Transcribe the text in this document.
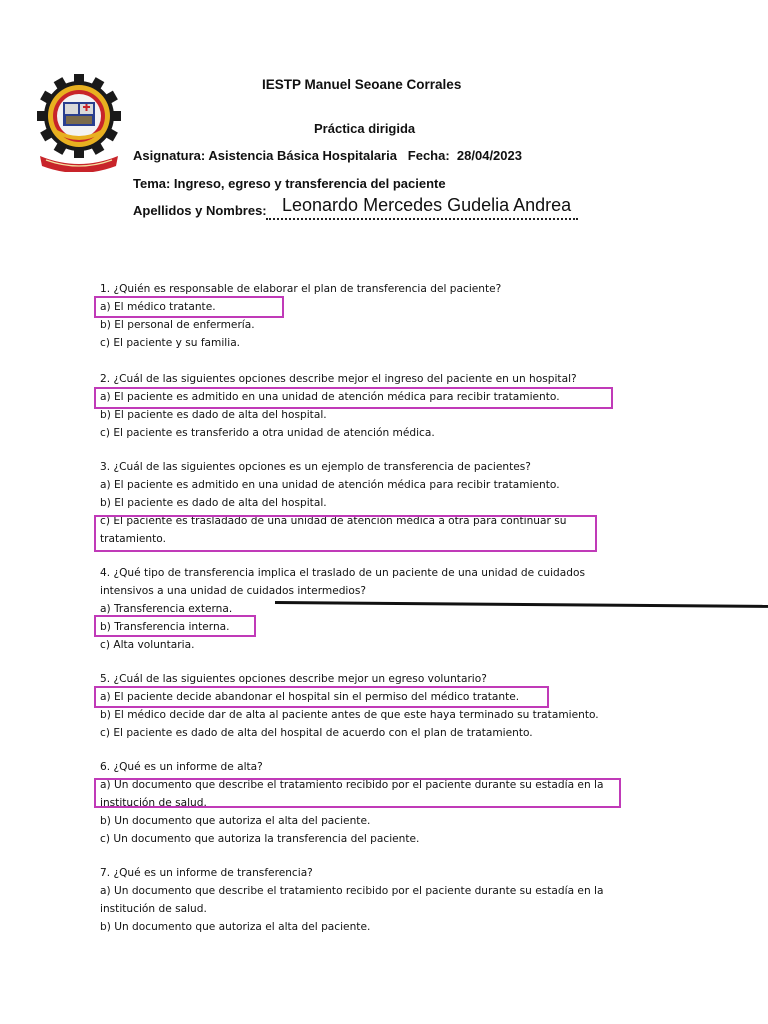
IESTP Manuel Seoane Corrales
Práctica dirigida
Asignatura: Asistencia Básica Hospitalaria   Fecha:  28/04/2023
Tema: Ingreso, egreso y transferencia del paciente
Apellidos y Nombres: Leonardo Mercedes Gudelia Andrea
1. ¿Quién es responsable de elaborar el plan de transferencia del paciente?
a) El médico tratante.
b) El personal de enfermería.
c) El paciente y su familia.
2. ¿Cuál de las siguientes opciones describe mejor el ingreso del paciente en un hospital?
a) El paciente es admitido en una unidad de atención médica para recibir tratamiento.
b) El paciente es dado de alta del hospital.
c) El paciente es transferido a otra unidad de atención médica.
3. ¿Cuál de las siguientes opciones es un ejemplo de transferencia de pacientes?
a) El paciente es admitido en una unidad de atención médica para recibir tratamiento.
b) El paciente es dado de alta del hospital.
c) El paciente es trasladado de una unidad de atención médica a otra para continuar su
tratamiento.
4. ¿Qué tipo de transferencia implica el traslado de un paciente de una unidad de cuidados
intensivos a una unidad de cuidados intermedios?
a) Transferencia externa.
b) Transferencia interna.
c) Alta voluntaria.
5. ¿Cuál de las siguientes opciones describe mejor un egreso voluntario?
a) El paciente decide abandonar el hospital sin el permiso del médico tratante.
b) El médico decide dar de alta al paciente antes de que este haya terminado su tratamiento.
c) El paciente es dado de alta del hospital de acuerdo con el plan de tratamiento.
6. ¿Qué es un informe de alta?
a) Un documento que describe el tratamiento recibido por el paciente durante su estadía en la
institución de salud.
b) Un documento que autoriza el alta del paciente.
c) Un documento que autoriza la transferencia del paciente.
7. ¿Qué es un informe de transferencia?
a) Un documento que describe el tratamiento recibido por el paciente durante su estadía en la
institución de salud.
b) Un documento que autoriza el alta del paciente.
